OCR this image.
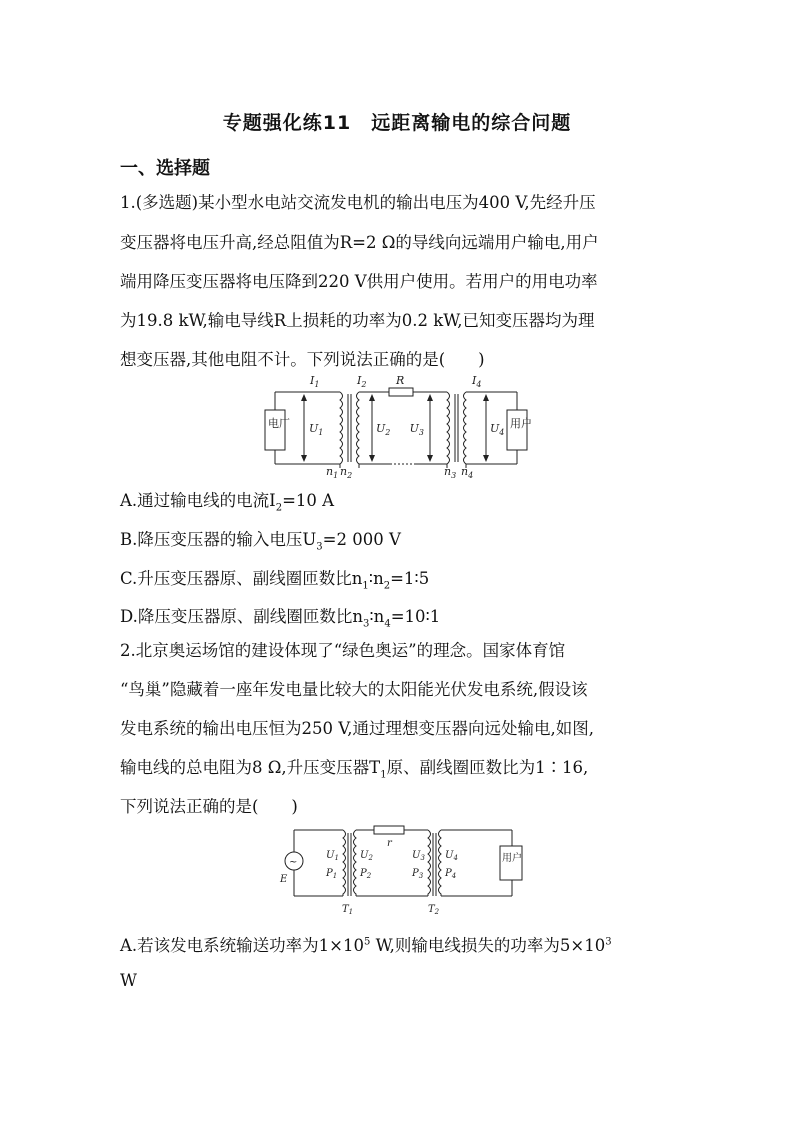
专题强化练11　远距离输电的综合问题
一、选择题
1.(多选题)某小型水电站交流发电机的输出电压为400 V,先经升压
变压器将电压升高,经总阻值为R=2 Ω的导线向远端用户输电,用户
端用降压变压器将电压降到220 V供用户使用。若用户的用电功率
为19.8 kW,输电导线R上损耗的功率为0.2 kW,已知变压器均为理
想变压器,其他电阻不计。下列说法正确的是(　　)
电厂	用户
R
$I_1$	$I_2$	$I_4$
$U_1$	$U_2$ $U_3$	$U_4$
$n_1$ $n_2$	$n_3$ $n_4$
A.通过输电线的电流$I_2=10$ A
B.降压变压器的输入电压$U_3=2$ 000 V
C.升压变压器原、副线圈匝数比$n_1∶n_2=1∶5$
D.降压变压器原、副线圈匝数比$n_3∶n_4=10∶1$
2.北京奥运场馆的建设体现了“绿色奥运”的理念。国家体育馆
“鸟巢”隐藏着一座年发电量比较大的太阳能光伏发电系统,假设该
发电系统的输出电压恒为250 V,通过理想变压器向远处输电,如图,
输电线的总电阻为8 Ω,升压变压器$T_1$原、副线圈匝数比为1∶16,
下列说法正确的是(　　)
~
E
r
用户
$U_1$
$P_1$
$U_2$
$P_2$
$U_3$
$P_3$
$U_4$
$P_4$
$T_1$	$T_2$
A.若该发电系统输送功率为$1\times 10^5$ W,则输电线损失的功率为$5\times 10^3$
W
